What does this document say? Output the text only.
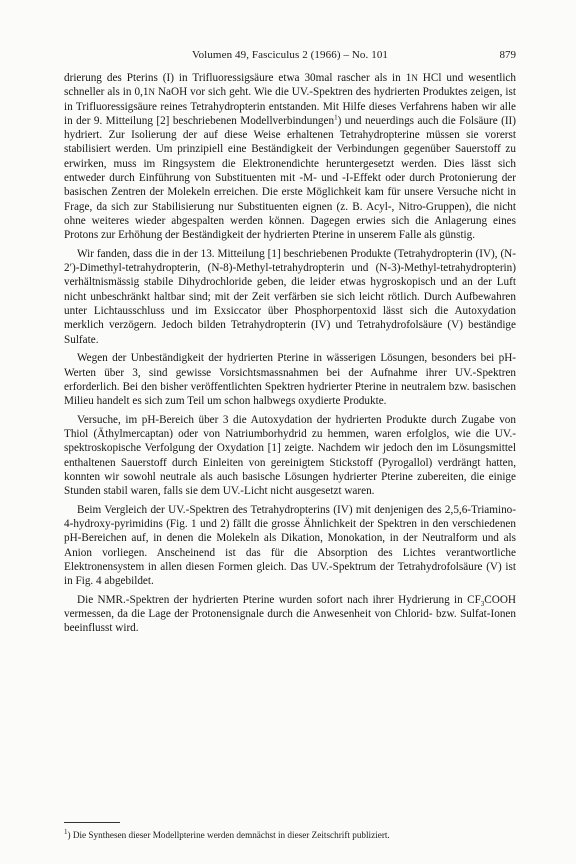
Volumen 49, Fasciculus 2 (1966) – No. 101	879

drierung des Pterins (I) in Trifluoressigsäure etwa 30mal rascher als in 1N HCl und wesentlich schneller als in 0,1N NaOH vor sich geht. Wie die UV.-Spektren des hydrierten Produktes zeigen, ist in Trifluoressigsäure reines Tetrahydropterin entstanden. Mit Hilfe dieses Verfahrens haben wir alle in der 9. Mitteilung [2] beschriebenen Modellverbindungen$^1$) und neuerdings auch die Folsäure (II) hydriert. Zur Isolierung der auf diese Weise erhaltenen Tetrahydropterine müssen sie vorerst stabilisiert werden. Um prinzipiell eine Beständigkeit der Verbindungen gegenüber Sauerstoff zu erwirken, muss im Ringsystem die Elektronendichte heruntergesetzt werden. Dies lässt sich entweder durch Einführung von Substituenten mit -M- und -I-Effekt oder durch Protonierung der basischen Zentren der Molekeln erreichen. Die erste Möglichkeit kam für unsere Versuche nicht in Frage, da sich zur Stabilisierung nur Substituenten eignen (z. B. Acyl-, Nitro-Gruppen), die nicht ohne weiteres wieder abgespalten werden können. Dagegen erwies sich die Anlagerung eines Protons zur Erhöhung der Beständigkeit der hydrierten Pterine in unserem Falle als günstig.

Wir fanden, dass die in der 13. Mitteilung [1] beschriebenen Produkte (Tetrahydropterin (IV), (N-2′)-Dimethyl-tetrahydropterin, (N-8)-Methyl-tetrahydropterin und (N-3)-Methyl-tetrahydropterin) verhältnismässig stabile Dihydrochloride geben, die leider etwas hygroskopisch und an der Luft nicht unbeschränkt haltbar sind; mit der Zeit verfärben sie sich leicht rötlich. Durch Aufbewahren unter Lichtausschluss und im Exsiccator über Phosphorpentoxid lässt sich die Autoxydation merklich verzögern. Jedoch bilden Tetrahydropterin (IV) und Tetrahydrofolsäure (V) beständige Sulfate.

Wegen der Unbeständigkeit der hydrierten Pterine in wässerigen Lösungen, besonders bei pH-Werten über 3, sind gewisse Vorsichtsmassnahmen bei der Aufnahme ihrer UV.-Spektren erforderlich. Bei den bisher veröffentlichten Spektren hydrierter Pterine in neutralem bzw. basischen Milieu handelt es sich zum Teil um schon halbwegs oxydierte Produkte.

Versuche, im pH-Bereich über 3 die Autoxydation der hydrierten Produkte durch Zugabe von Thiol (Äthylmercaptan) oder von Natriumborhydrid zu hemmen, waren erfolglos, wie die UV.-spektroskopische Verfolgung der Oxydation [1] zeigte. Nachdem wir jedoch den im Lösungsmittel enthaltenen Sauerstoff durch Einleiten von gereinigtem Stickstoff (Pyrogallol) verdrängt hatten, konnten wir sowohl neutrale als auch basische Lösungen hydrierter Pterine zubereiten, die einige Stunden stabil waren, falls sie dem UV.-Licht nicht ausgesetzt waren.

Beim Vergleich der UV.-Spektren des Tetrahydropterins (IV) mit denjenigen des 2,5,6-Triamino-4-hydroxy-pyrimidins (Fig. 1 und 2) fällt die grosse Ähnlichkeit der Spektren in den verschiedenen pH-Bereichen auf, in denen die Molekeln als Dikation, Monokation, in der Neutralform und als Anion vorliegen. Anscheinend ist das für die Absorption des Lichtes verantwortliche Elektronensystem in allen diesen Formen gleich. Das UV.-Spektrum der Tetrahydrofolsäure (V) ist in Fig. 4 abgebildet.

Die NMR.-Spektren der hydrierten Pterine wurden sofort nach ihrer Hydrierung in $CF_3COOH$ vermessen, da die Lage der Protonensignale durch die Anwesenheit von Chlorid- bzw. Sulfat-Ionen beeinflusst wird.

$^1$) Die Synthesen dieser Modellpterine werden demnächst in dieser Zeitschrift publiziert.
